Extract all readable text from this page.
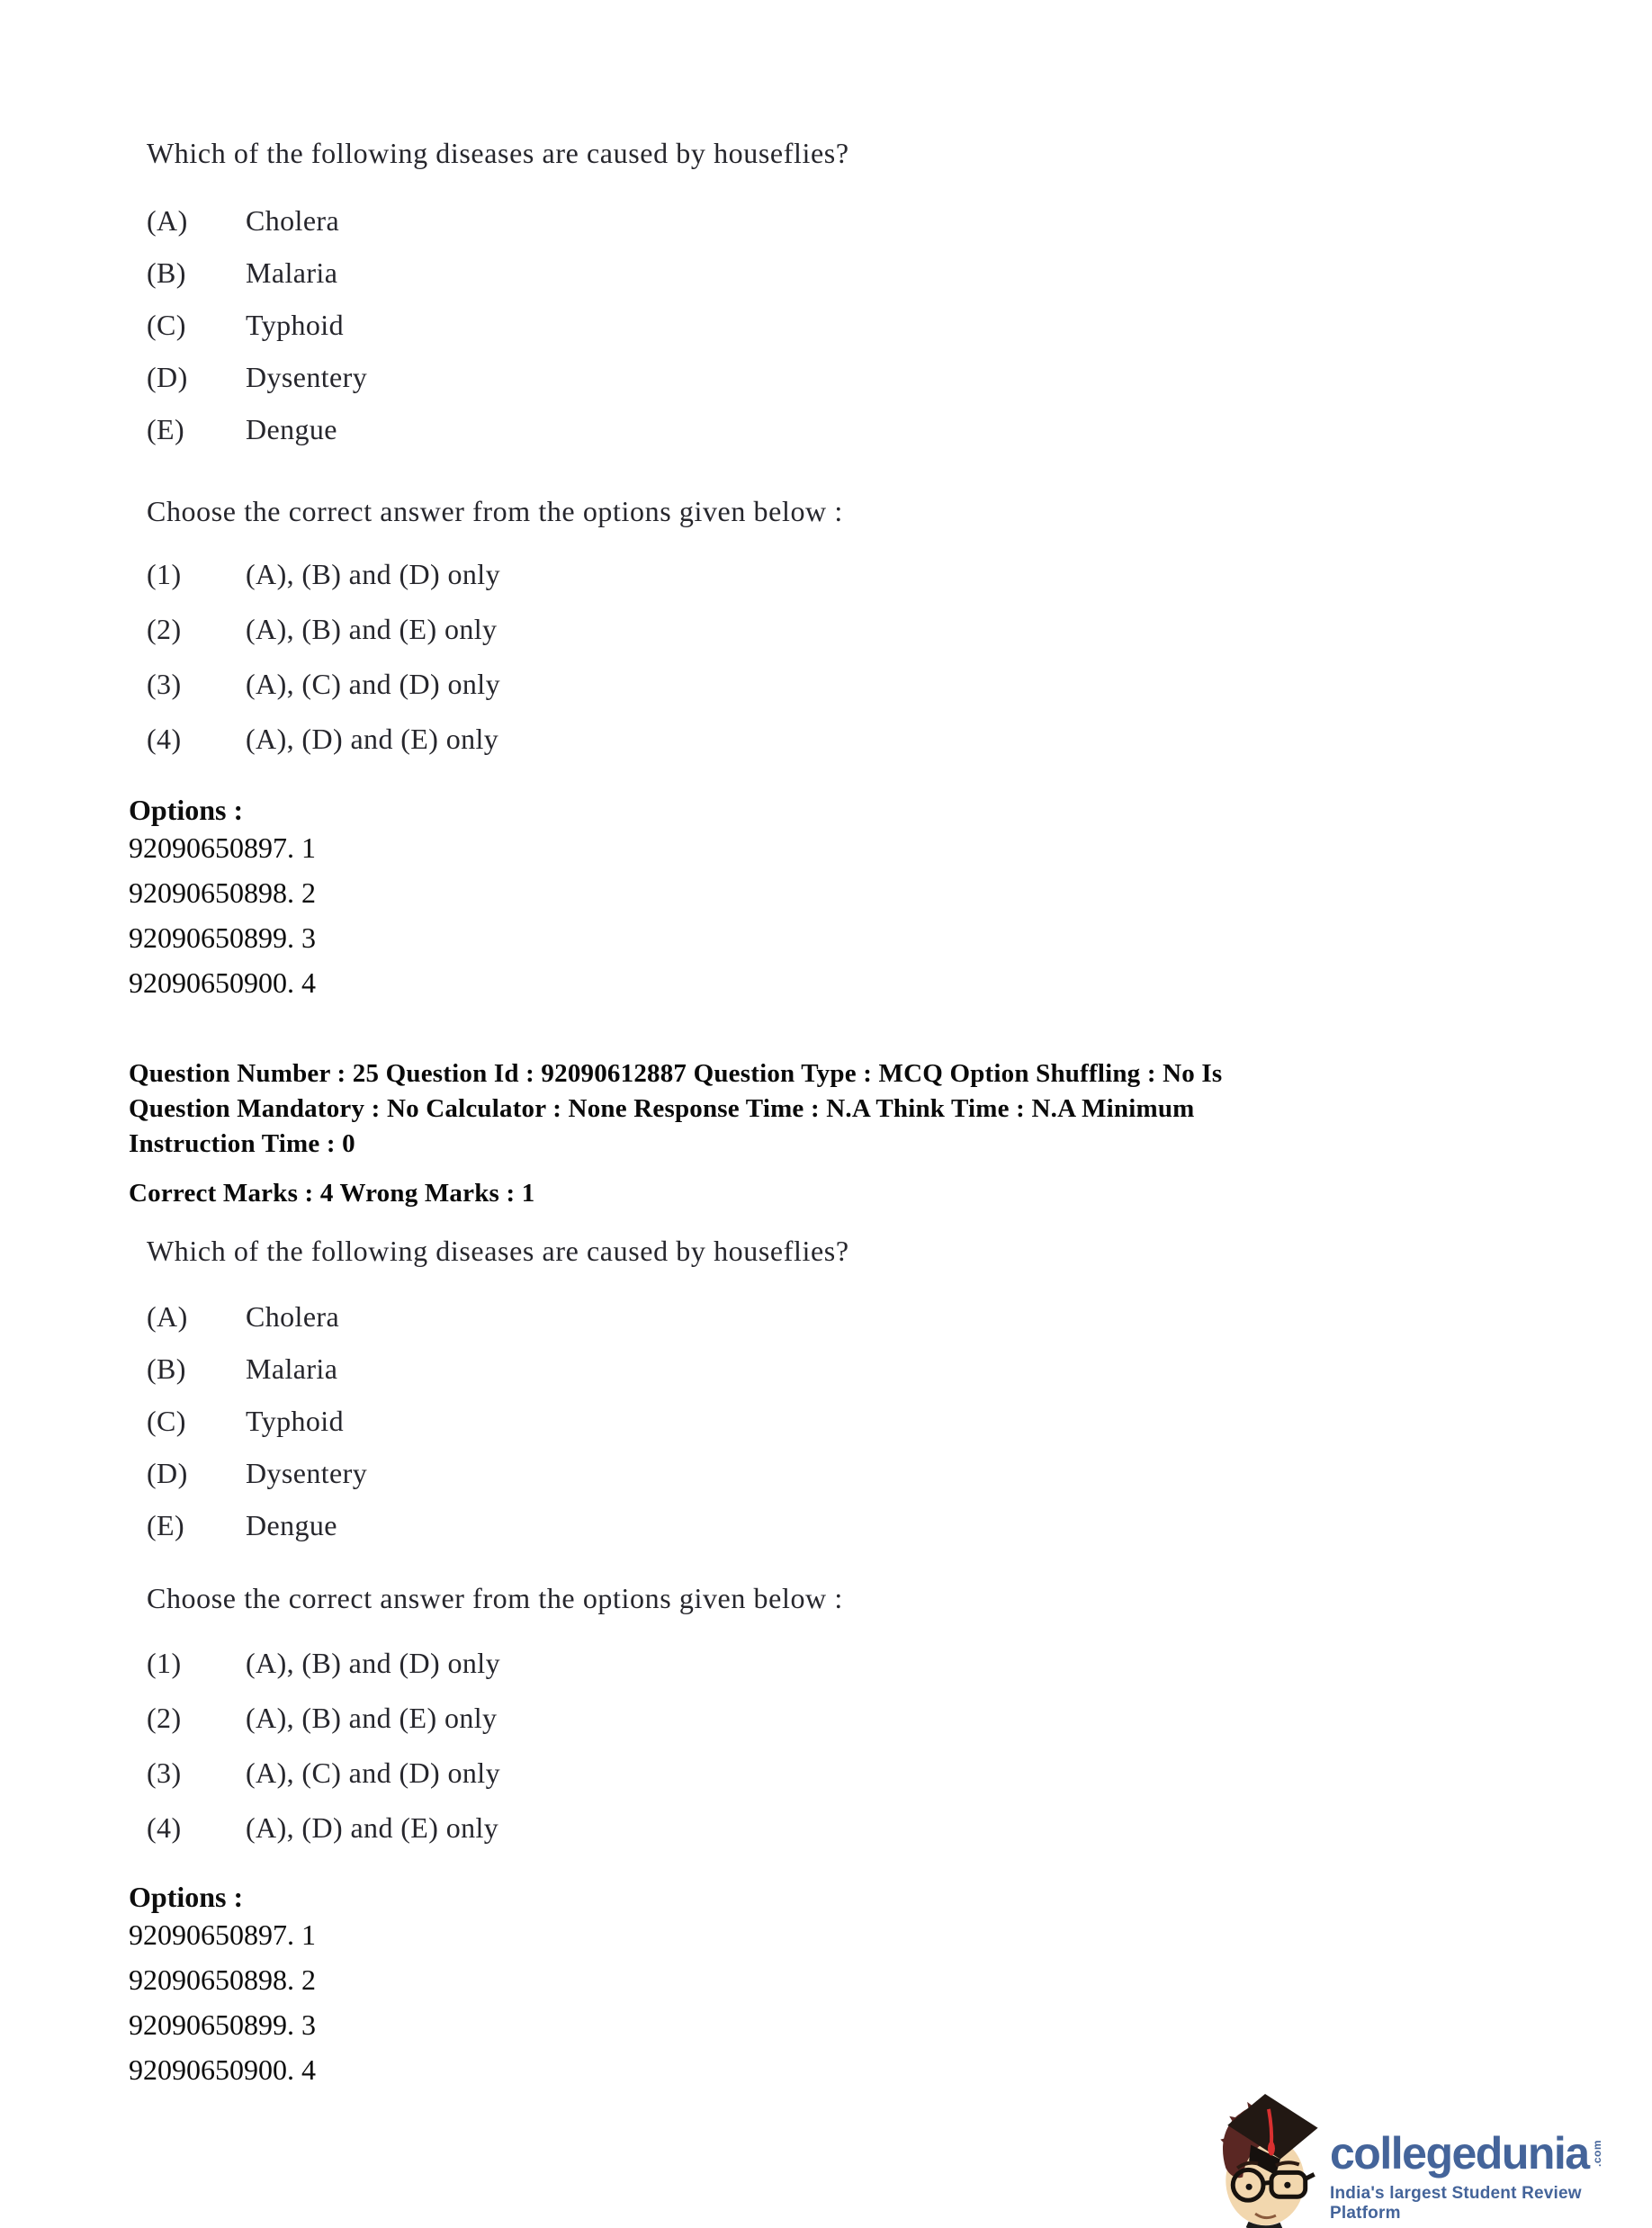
Which of the following diseases are caused by houseflies?
(A)	Cholera
(B)	Malaria
(C)	Typhoid
(D)	Dysentery
(E)	Dengue
Choose the correct answer from the options given below :
(1)	(A), (B) and (D) only
(2)	(A), (B) and (E) only
(3)	(A), (C) and (D) only
(4)	(A), (D) and (E) only
Options :
92090650897. 1
92090650898. 2
92090650899. 3
92090650900. 4
Question Number : 25 Question Id : 92090612887 Question Type : MCQ Option Shuffling : No Is
Question Mandatory : No Calculator : None Response Time : N.A Think Time : N.A Minimum
Instruction Time : 0
Correct Marks : 4 Wrong Marks : 1
Which of the following diseases are caused by houseflies?
(A)	Cholera
(B)	Malaria
(C)	Typhoid
(D)	Dysentery
(E)	Dengue
Choose the correct answer from the options given below :
(1)	(A), (B) and (D) only
(2)	(A), (B) and (E) only
(3)	(A), (C) and (D) only
(4)	(A), (D) and (E) only
Options :
92090650897. 1
92090650898. 2
92090650899. 3
92090650900. 4
collegedunia .com
India's largest Student Review Platform
